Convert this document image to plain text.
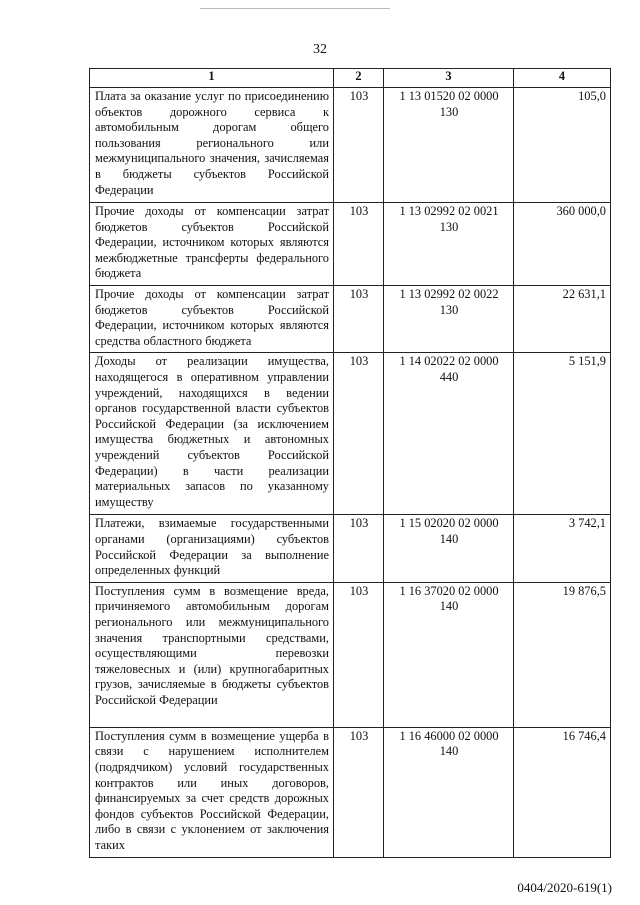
32
1	2	3	4
Плата за оказание услуг по присоединению объектов дорожного сервиса к автомобильным дорогам общего пользования регионального или межмуниципального значения, зачисляемая в бюджеты субъектов Российской Федерации	103	1 13 01520 02 0000 130	105,0
Прочие доходы от компенсации затрат бюджетов субъектов Российской Федерации, источником которых являются межбюджетные трансферты федерального бюджета	103	1 13 02992 02 0021 130	360 000,0
Прочие доходы от компенсации затрат бюджетов субъектов Российской Федерации, источником которых являются средства областного бюджета	103	1 13 02992 02 0022 130	22 631,1
Доходы от реализации имущества, находящегося в оперативном управлении учреждений, находящихся в ведении органов государственной власти субъектов Российской Федерации (за исключением имущества бюджетных и автономных учреждений субъектов Российской Федерации) в части реализации материальных запасов по указанному имуществу	103	1 14 02022 02 0000 440	5 151,9
Платежи, взимаемые государственными органами (организациями) субъектов Российской Федерации за выполнение определенных функций	103	1 15 02020 02 0000 140	3 742,1
Поступления сумм в возмещение вреда, причиняемого автомобильным дорогам регионального или межмуниципального значения транспортными средствами, осуществляющими перевозки тяжеловесных и (или) крупногабаритных грузов, зачисляемые в бюджеты субъектов Российской Федерации	103	1 16 37020 02 0000 140	19 876,5
Поступления сумм в возмещение ущерба в связи с нарушением исполнителем (подрядчиком) условий государственных контрактов или иных договоров, финансируемых за счет средств дорожных фондов субъектов Российской Федерации, либо в связи с уклонением от заключения таких	103	1 16 46000 02 0000 140	16 746,4
0404/2020-619(1)
